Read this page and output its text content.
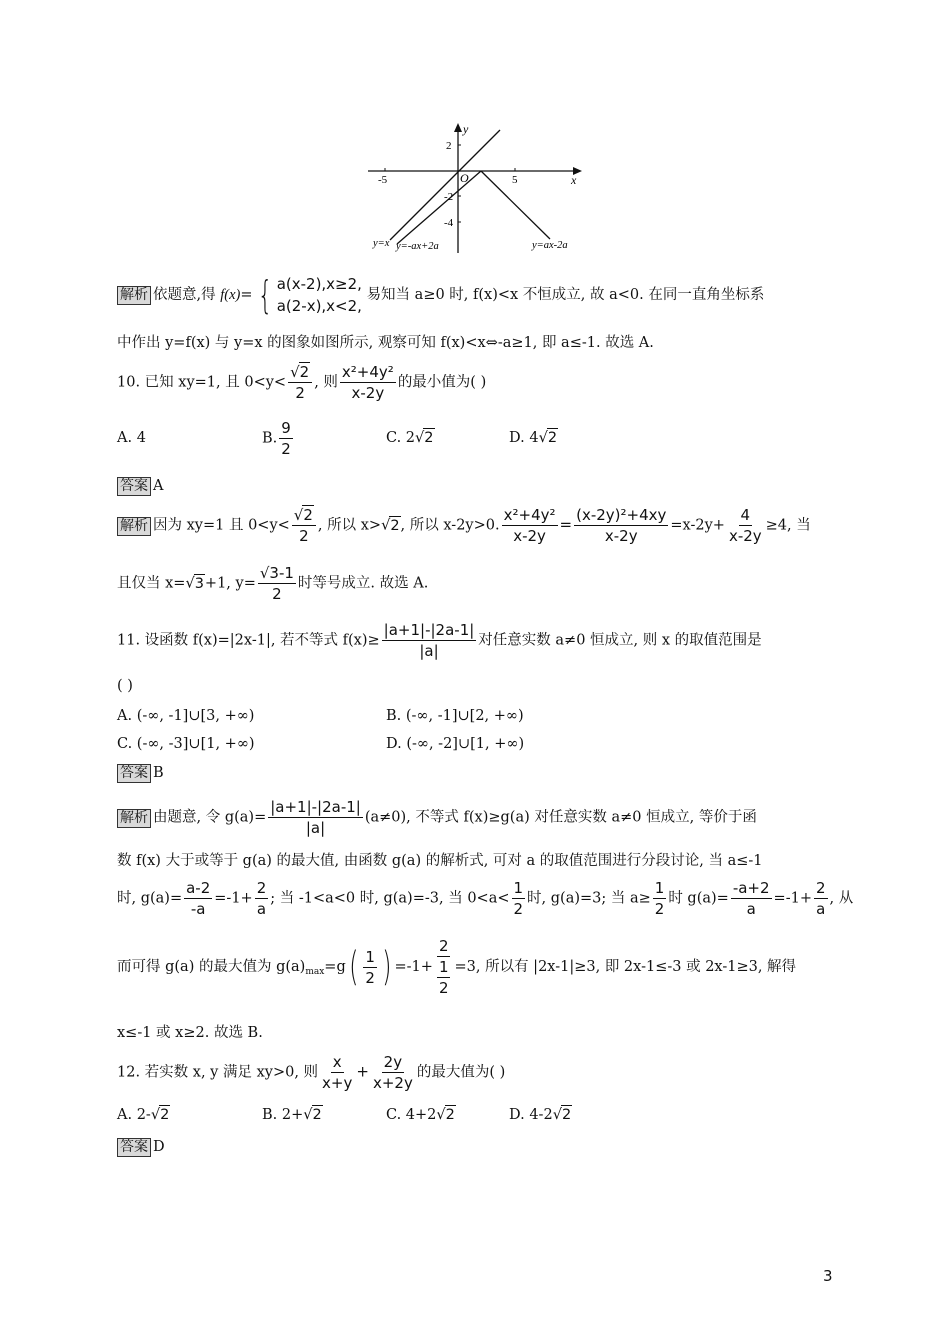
2
-2
-4
-5	5
O	x
y
y=x y=-ax+2a	y=ax-2a
解析 依题意,得 f(x)= { a(x-2),x≥2,
a(2-x),x<2,
易知当 a≥0 时, f(x)<x 不恒成立, 故 a<0. 在同一直角坐标系
中作出 y=f(x) 与 y=x 的图象如图所示, 观察可知 f(x)<x⇔-a≥1, 即 a≤-1. 故选 A.
10. 已知 xy=1, 且 $0<y< \frac{√2}{2}$ , 则 $\frac{\text{x²+4y²}}{x-2y}$ 的最小值为( )
A. 4	B. $\frac{9}{2}$	C. 2√2	D. 4√2
答案 A
解析 因为 xy=1 且 $0<y< \frac{√2}{2}$ , 所以 x>√2, 所以 x-2y>0. $\frac{\text{x²+4y²}}{x-2y} = \frac{\text{(x-2y)²+4xy}}{x-2y} =x-2y+ \frac{4}{x-2y} \ge 4$, 当
且仅当 x=√3+1, $y= \frac{√3-1}{2}$ 时等号成立. 故选 A.
11. 设函数 f(x)=|2x-1|, 若不等式 $f(x)\ge \frac{|a+1|-|2a-1|}{|a|}$ 对任意实数 a≠0 恒成立, 则 x 的取值范围是
( )
A. (-∞, -1]∪[3, +∞)	B. (-∞, -1]∪[2, +∞)
C. (-∞, -3]∪[1, +∞)	D. (-∞, -2]∪[1, +∞)
答案 B
解析 由题意, 令 $g(a)= \frac{|a+1|-|2a-1|}{|a|} (a\ne 0)$, 不等式 f(x)≥g(a) 对任意实数 a≠0 恒成立, 等价于函
数 f(x) 大于或等于 g(a) 的最大值, 由函数 g(a) 的解析式, 可对 a 的取值范围进行分段讨论, 当 a≤-1
时, $g(a)= \frac{a-2}{-a} =-1+ \frac{2}{a}$ ; 当 -1<a<0 时, g(a)=-3, 当 $0<a< \frac{1}{2}$ 时, g(a)=3; 当 $a\ge \frac{1}{2}$ 时 $g(a)= \frac{-a+2}{a} =-1+ \frac{2}{a}$ , 从
而可得 g(a) 的最大值为 $g(a)_{max}=g( \frac{1}{2}$ ) $=-1+ \frac{2}{\frac{1}{2}} =3$, 所以有 |2x-1|≥3, 即 2x-1≤-3 或 2x-1≥3, 解得
x≤-1 或 x≥2. 故选 B.
12. 若实数 x, y 满足 xy>0, 则 $\frac{x}{x+y} + \frac{2y}{x+2y}$ 的最大值为( )
A. 2-√2	B. 2+√2	C. 4+2√2	D. 4-2√2
答案 D
3
